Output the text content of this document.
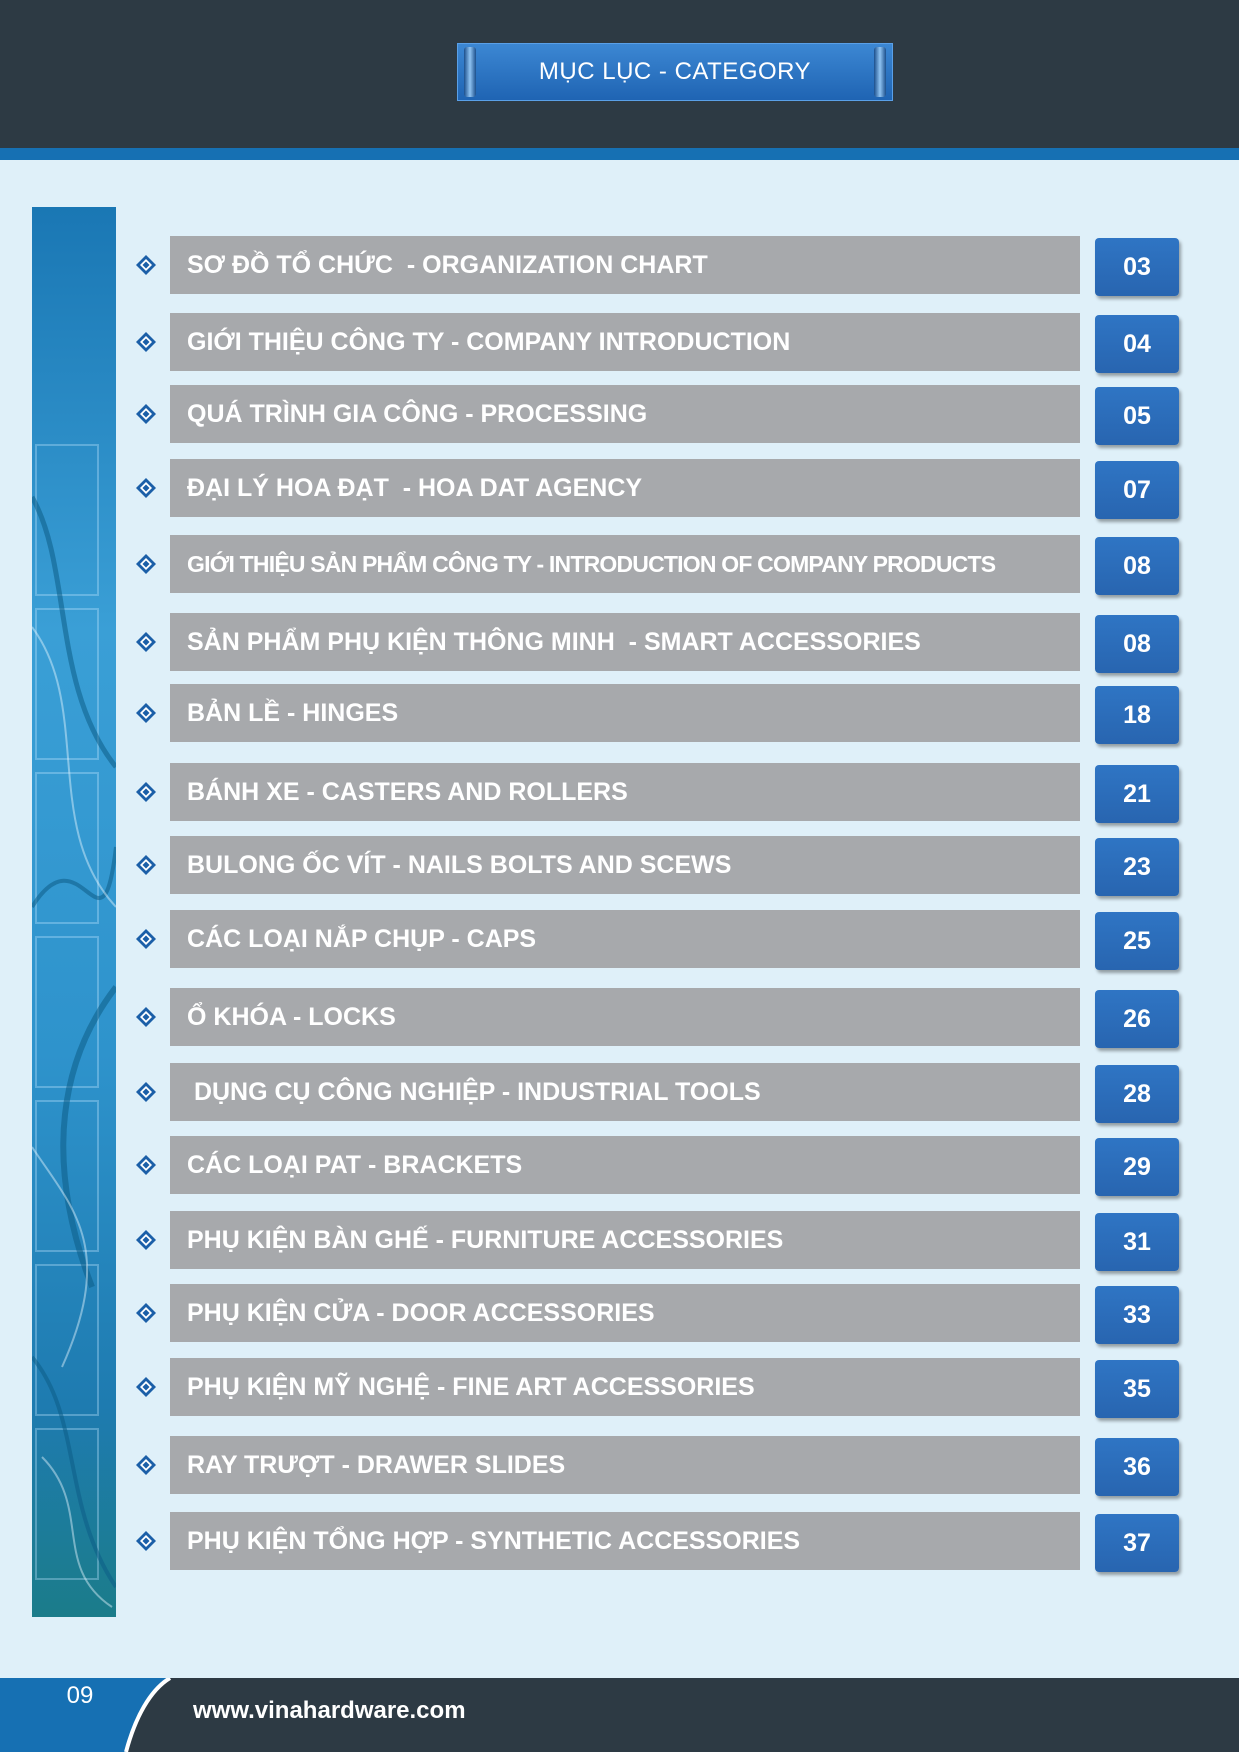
MỤC LỤC - CATEGORY
SƠ ĐỒ TỔ CHỨC  - ORGANIZATION CHART	03
GIỚI THIỆU CÔNG TY - COMPANY INTRODUCTION	04
QUÁ TRÌNH GIA CÔNG - PROCESSING	05
ĐẠI LÝ HOA ĐẠT  - HOA DAT AGENCY	07
GIỚI THIỆU SẢN PHẨM CÔNG TY - INTRODUCTION OF COMPANY PRODUCTS	08
SẢN PHẨM PHỤ KIỆN THÔNG MINH  - SMART ACCESSORIES	08
BẢN LỀ - HINGES	18
BÁNH XE - CASTERS AND ROLLERS	21
BULONG ỐC VÍT - NAILS BOLTS AND SCEWS	23
CÁC LOẠI NẮP CHỤP - CAPS	25
Ổ KHÓA - LOCKS	26
DỤNG CỤ CÔNG NGHIỆP - INDUSTRIAL TOOLS	28
CÁC LOẠI PAT - BRACKETS	29
PHỤ KIỆN BÀN GHẾ - FURNITURE ACCESSORIES	31
PHỤ KIỆN CỬA - DOOR ACCESSORIES	33
PHỤ KIỆN MỸ NGHỆ - FINE ART ACCESSORIES	35
RAY TRƯỢT - DRAWER SLIDES	36
PHỤ KIỆN TỔNG HỢP - SYNTHETIC ACCESSORIES	37
09
www.vinahardware.com
